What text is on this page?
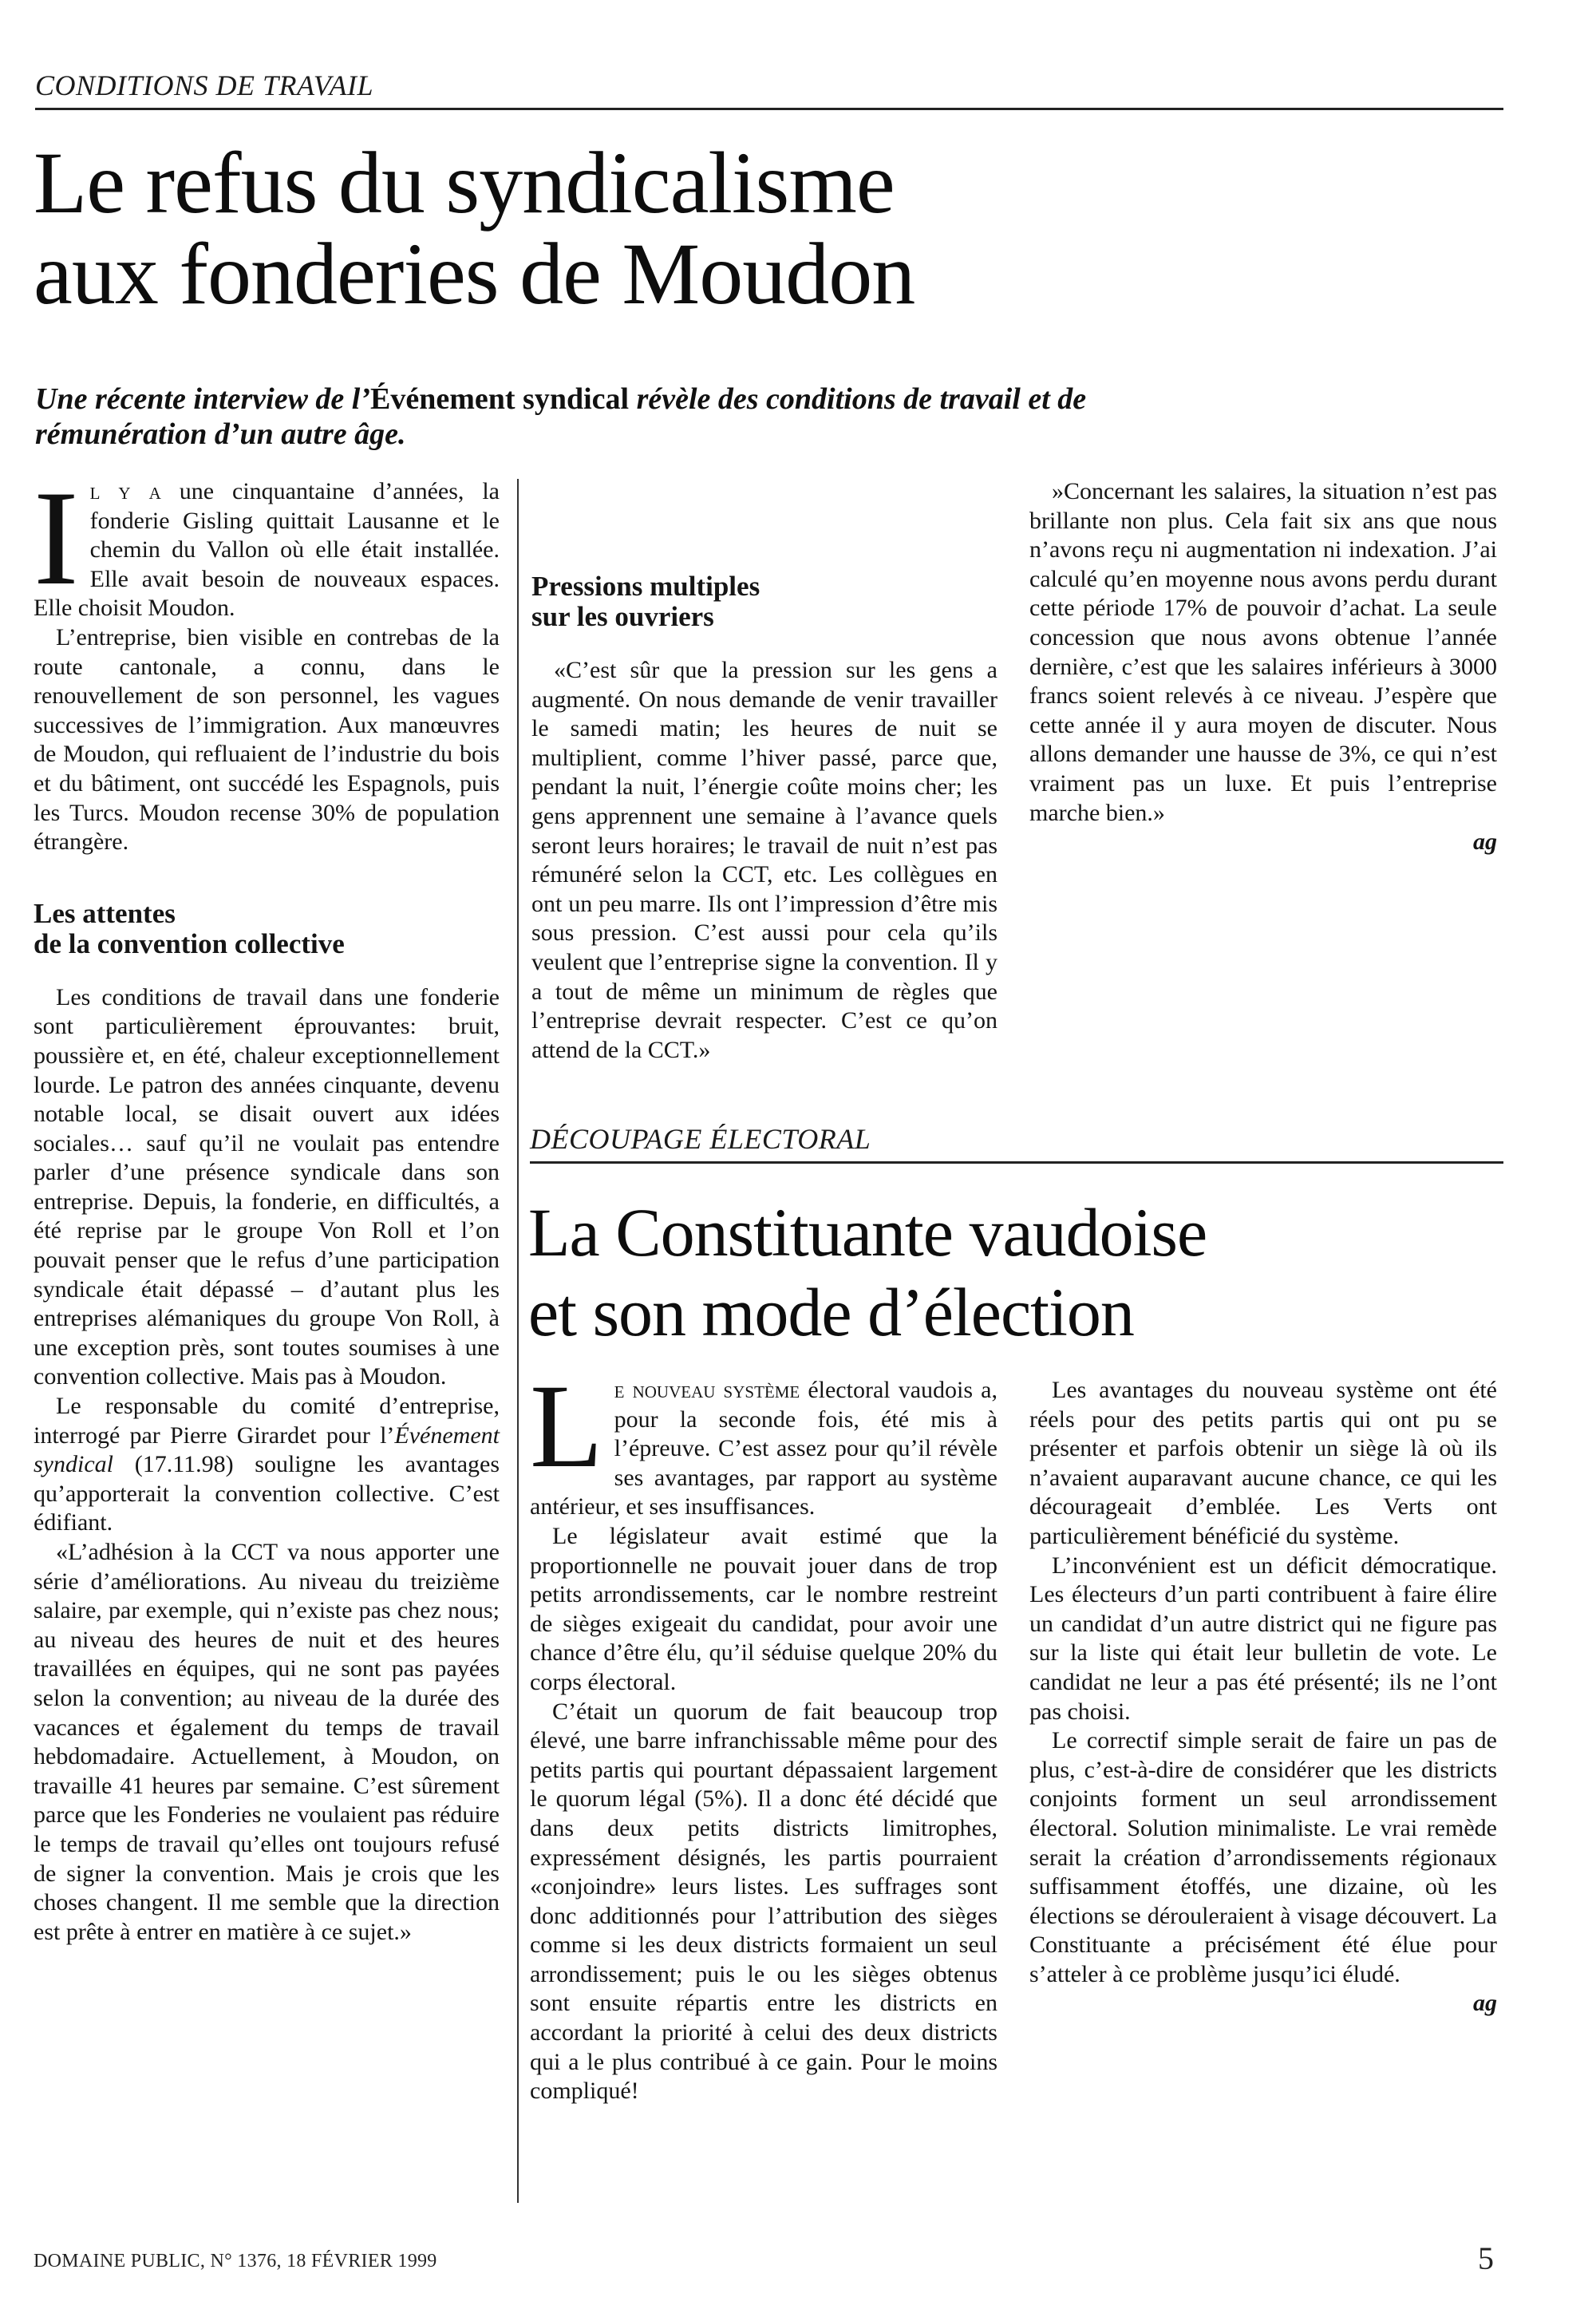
CONDITIONS DE TRAVAIL
Le refus du syndicalisme
aux fonderies de Moudon
Une récente interview de l’Événement syndical révèle des conditions de travail et de rémunération d’un autre âge.

Il y a une cinquantaine d’années, la fonderie Gisling quittait Lausanne et le chemin du Vallon où elle était installée. Elle avait besoin de nouveaux espaces. Elle choisit Moudon.

L’entreprise, bien visible en contrebas de la route cantonale, a connu, dans le renouvellement de son personnel, les vagues successives de l’immigration. Aux manœuvres de Moudon, qui refluaient de l’industrie du bois et du bâtiment, ont succédé les Espagnols, puis les Turcs. Moudon recense 30% de population étrangère.

Les attentes
de la convention collective

Les conditions de travail dans une fonderie sont particulièrement éprouvantes: bruit, poussière et, en été, chaleur exceptionnellement lourde. Le patron des années cinquante, devenu notable local, se disait ouvert aux idées sociales… sauf qu’il ne voulait pas entendre parler d’une présence syndicale dans son entreprise. Depuis, la fonderie, en difficultés, a été reprise par le groupe Von Roll et l’on pouvait penser que le refus d’une participation syndicale était dépassé – d’autant plus les entreprises alémaniques du groupe Von Roll, à une exception près, sont toutes soumises à une convention collective. Mais pas à Moudon.

Le responsable du comité d’entreprise, interrogé par Pierre Girardet pour l’Événement syndical (17.11.98) souligne les avantages qu’apporterait la convention collective. C’est édifiant.

«L’adhésion à la CCT va nous apporter une série d’améliorations. Au niveau du treizième salaire, par exemple, qui n’existe pas chez nous; au niveau des heures de nuit et des heures travaillées en équipes, qui ne sont pas payées selon la convention; au niveau de la durée des vacances et également du temps de travail hebdomadaire. Actuellement, à Moudon, on travaille 41 heures par semaine. C’est sûrement parce que les Fonderies ne voulaient pas réduire le temps de travail qu’elles ont toujours refusé de signer la convention. Mais je crois que les choses changent. Il me semble que la direction est prête à entrer en matière à ce sujet.»

Pressions multiples
sur les ouvriers

«C’est sûr que la pression sur les gens a augmenté. On nous demande de venir travailler le samedi matin; les heures de nuit se multiplient, comme l’hiver passé, parce que, pendant la nuit, l’énergie coûte moins cher; les gens apprennent une semaine à l’avance quels seront leurs horaires; le travail de nuit n’est pas rémunéré selon la CCT, etc. Les collègues en ont un peu marre. Ils ont l’impression d’être mis sous pression. C’est aussi pour cela qu’ils veulent que l’entreprise signe la convention. Il y a tout de même un minimum de règles que l’entreprise devrait respecter. C’est ce qu’on attend de la CCT.»

»Concernant les salaires, la situation n’est pas brillante non plus. Cela fait six ans que nous n’avons reçu ni augmentation ni indexation. J’ai calculé qu’en moyenne nous avons perdu durant cette période 17% de pouvoir d’achat. La seule concession que nous avons obtenue l’année dernière, c’est que les salaires inférieurs à 3000 francs soient relevés à ce niveau. J’espère que cette année il y aura moyen de discuter. Nous allons demander une hausse de 3%, ce qui n’est vraiment pas un luxe. Et puis l’entreprise marche bien.»

ag

DÉCOUPAGE ÉLECTORAL
La Constituante vaudoise
et son mode d’élection

Le nouveau système électoral vaudois a, pour la seconde fois, été mis à l’épreuve. C’est assez pour qu’il révèle ses avantages, par rapport au système antérieur, et ses insuffisances.

Le législateur avait estimé que la proportionnelle ne pouvait jouer dans de trop petits arrondissements, car le nombre restreint de sièges exigeait du candidat, pour avoir une chance d’être élu, qu’il séduise quelque 20% du corps électoral.

C’était un quorum de fait beaucoup trop élevé, une barre infranchissable même pour des petits partis qui pourtant dépassaient largement le quorum légal (5%). Il a donc été décidé que dans deux petits districts limitrophes, expressément désignés, les partis pourraient «conjoindre» leurs listes. Les suffrages sont donc additionnés pour l’attribution des sièges comme si les deux districts formaient un seul arrondissement; puis le ou les sièges obtenus sont ensuite répartis entre les districts en accordant la priorité à celui des deux districts qui a le plus contribué à ce gain. Pour le moins compliqué!

Les avantages du nouveau système ont été réels pour des petits partis qui ont pu se présenter et parfois obtenir un siège là où ils n’avaient auparavant aucune chance, ce qui les décourageait d’emblée. Les Verts ont particulièrement bénéficié du système.

L’inconvénient est un déficit démocratique. Les électeurs d’un parti contribuent à faire élire un candidat d’un autre district qui ne figure pas sur la liste qui était leur bulletin de vote. Le candidat ne leur a pas été présenté; ils ne l’ont pas choisi.

Le correctif simple serait de faire un pas de plus, c’est-à-dire de considérer que les districts conjoints forment un seul arrondissement électoral. Solution minimaliste. Le vrai remède serait la création d’arrondissements régionaux suffisamment étoffés, une dizaine, où les élections se dérouleraient à visage découvert. La Constituante a précisément été élue pour s’atteler à ce problème jusqu’ici éludé.

ag

DOMAINE PUBLIC, N° 1376, 18 FÉVRIER 1999	5
